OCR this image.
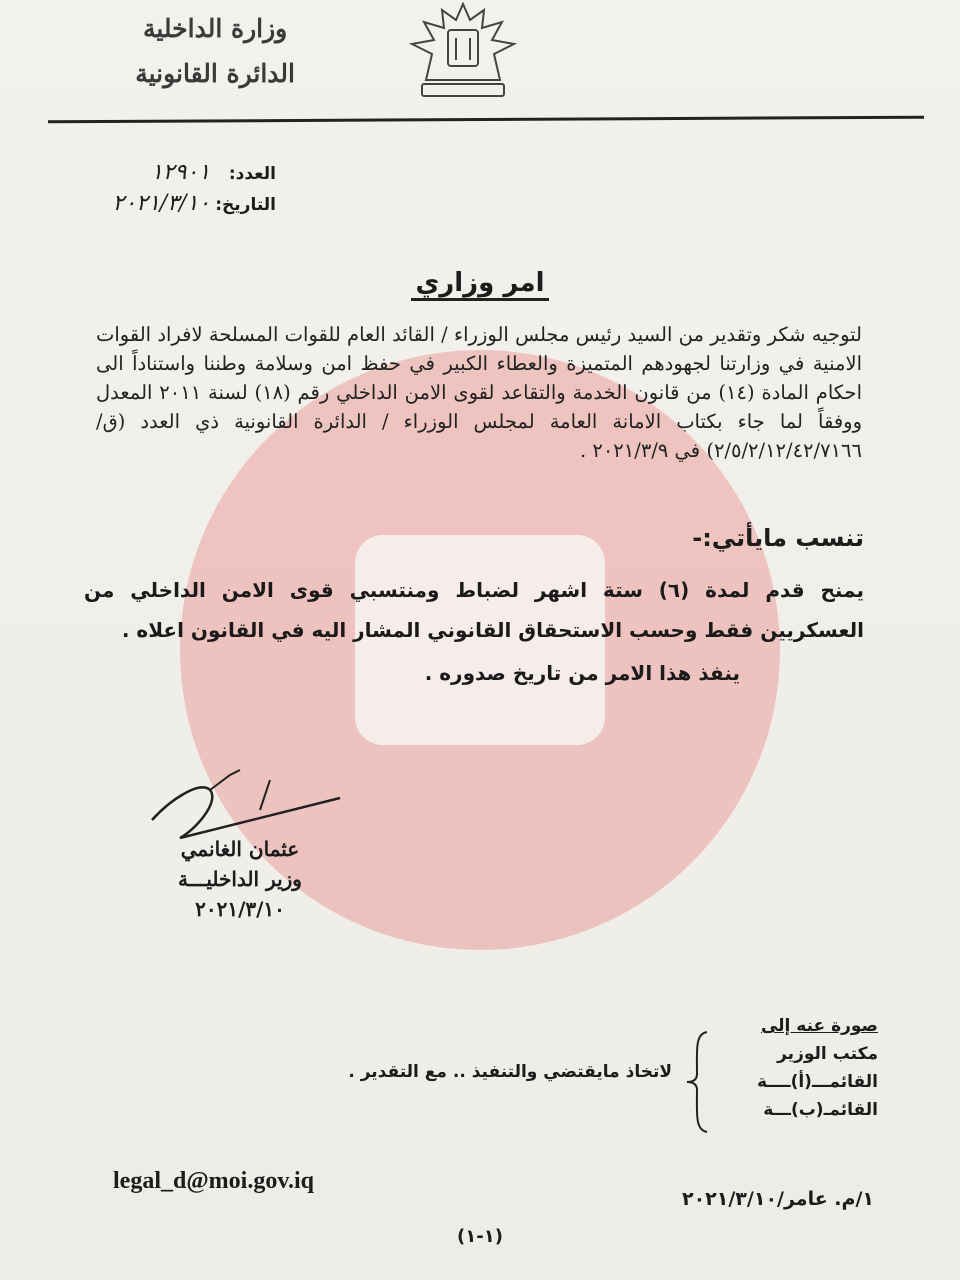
وزارة الداخلية
الدائرة القانونية
العدد: ١٢٩٠١
التاريخ: ٢٠٢١/٣/١٠
امر وزاري
لتوجيه شكر وتقدير من السيد رئيس مجلس الوزراء / القائد العام للقوات المسلحة لافراد القوات الامنية في وزارتنا لجهودهم المتميزة والعطاء الكبير في حفظ امن وسلامة وطننا واستناداً الى احكام المادة (١٤) من قانون الخدمة والتقاعد لقوى الامن الداخلي رقم (١٨) لسنة ٢٠١١ المعدل ووفقاً لما جاء بكتاب الامانة العامة لمجلس الوزراء / الدائرة القانونية ذي العدد (ق/٢/٥/٢/١٢/٤٢/٧١٦٦) في ٢٠٢١/٣/٩ .
تنسب مايأتي:-
يمنح قدم لمدة (٦) ستة اشهر لضباط ومنتسبي قوى الامن الداخلي من العسكريين فقط وحسب الاستحقاق القانوني المشار اليه في القانون اعلاه .
ينفذ هذا الامر من تاريخ صدوره .
عثمان الغانمي
وزير الداخليـــة
٢٠٢١/٣/١٠
صورة عنه إلى
مكتب الوزير
القائمـــ(أ)ــــة
القائمـ(ب)ـــة
لاتخاذ مايقتضي والتنفيذ .. مع التقدير .
legal_d@moi.gov.iq
١/م. عامر/٢٠٢١/٣/١٠
(١-١)
